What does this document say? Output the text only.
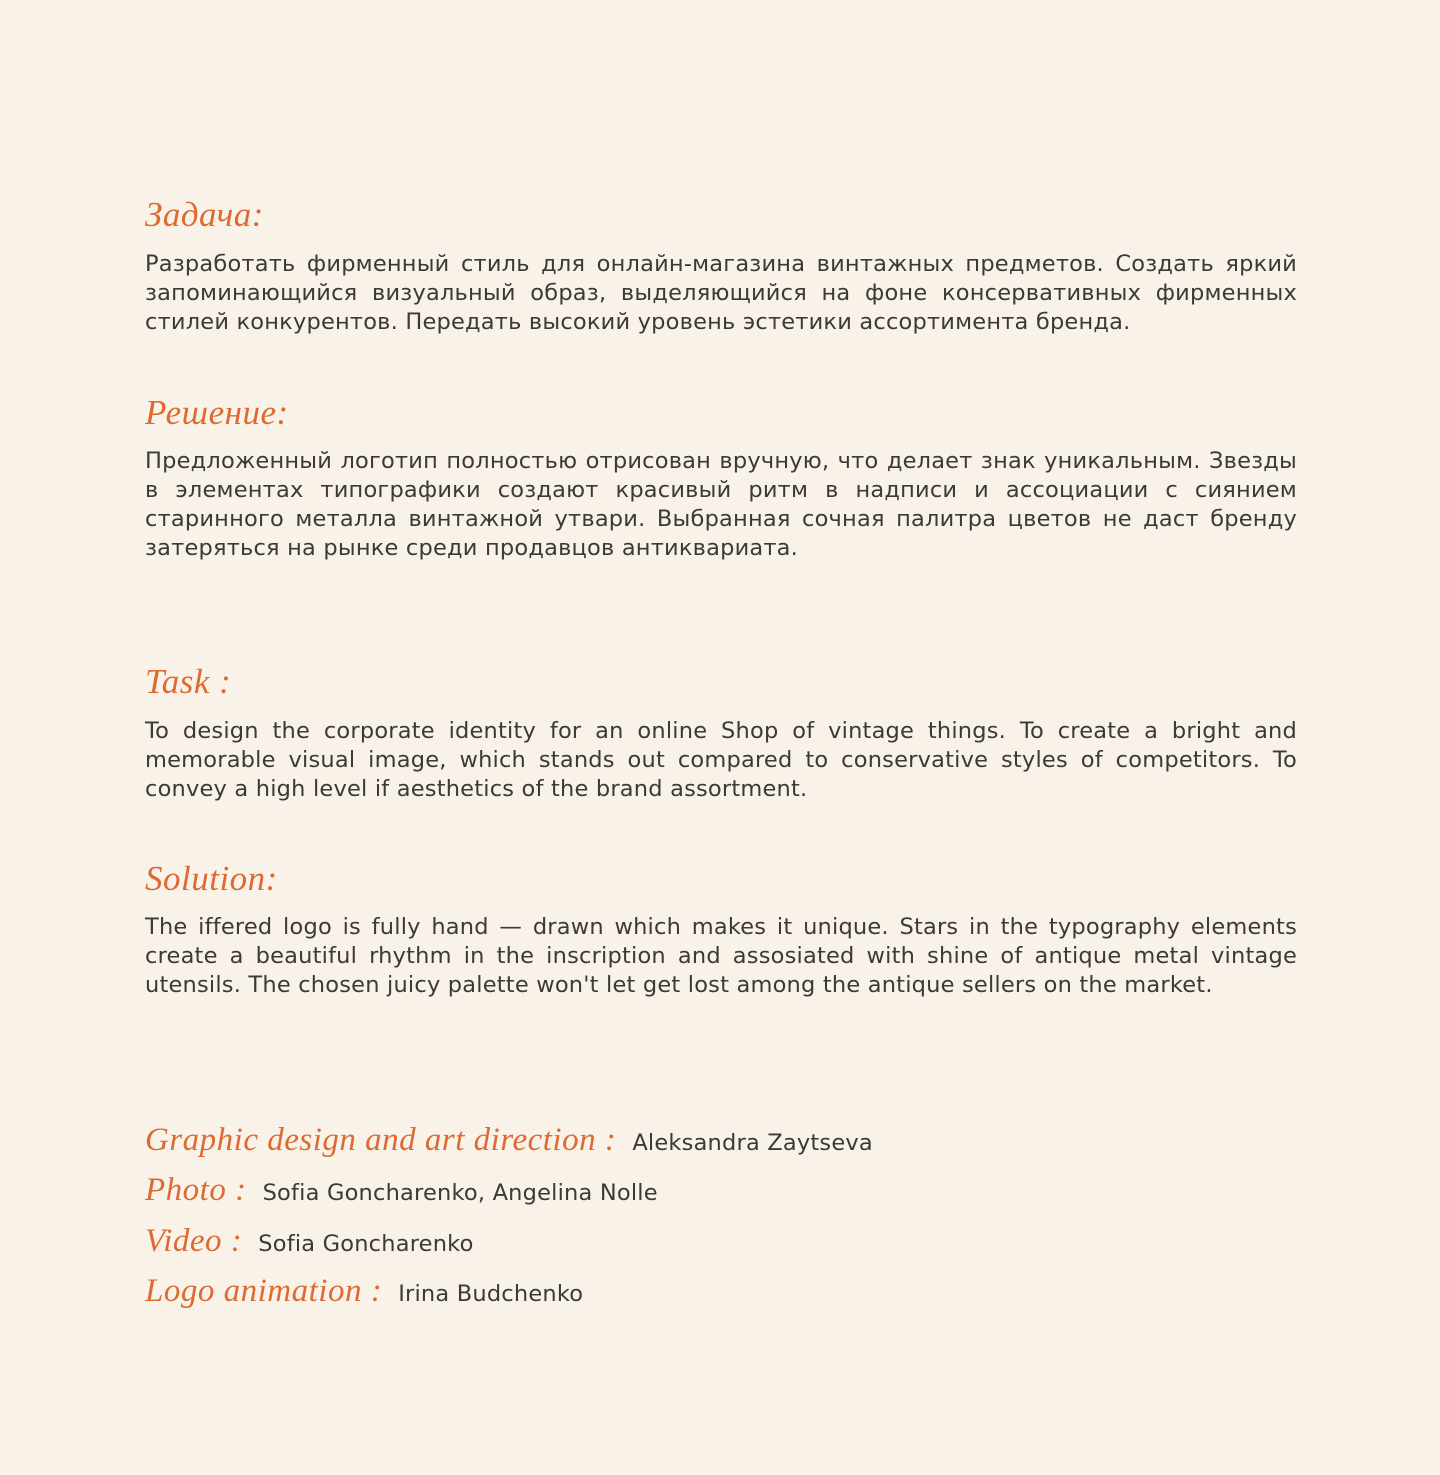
Задача:

Разработать фирменный стиль для онлайн-магазина винтажных предметов. Создать яркий запоминающийся визуальный образ, выделяющийся на фоне консервативных фирменных стилей конкурентов. Передать высокий уровень эстетики ассортимента бренда.

Решение:

Предложенный логотип полностью отрисован вручную, что делает знак уникальным. Звезды в элементах типографики создают красивый ритм в надписи и ассоциации с сиянием старинного металла винтажной утвари. Выбранная сочная палитра цветов не даст бренду затеряться на рынке среди продавцов антиквариата.

Task :

To design the corporate identity for an online Shop of vintage things. To create a bright and memorable visual image, which stands out compared to conservative styles of competitors. To convey a high level if aesthetics of the brand assortment.

Solution:

The iffered logo is fully hand — drawn which makes it unique. Stars in the typography elements create a beautiful rhythm in the inscription and assosiated with shine of antique metal vintage utensils. The chosen juicy palette won't let get lost among the antique sellers on the market.

Graphic design and art direction : Aleksandra Zaytseva
Photo : Sofia Goncharenko, Angelina Nolle
Video : Sofia Goncharenko
Logo animation : Irina Budchenko
